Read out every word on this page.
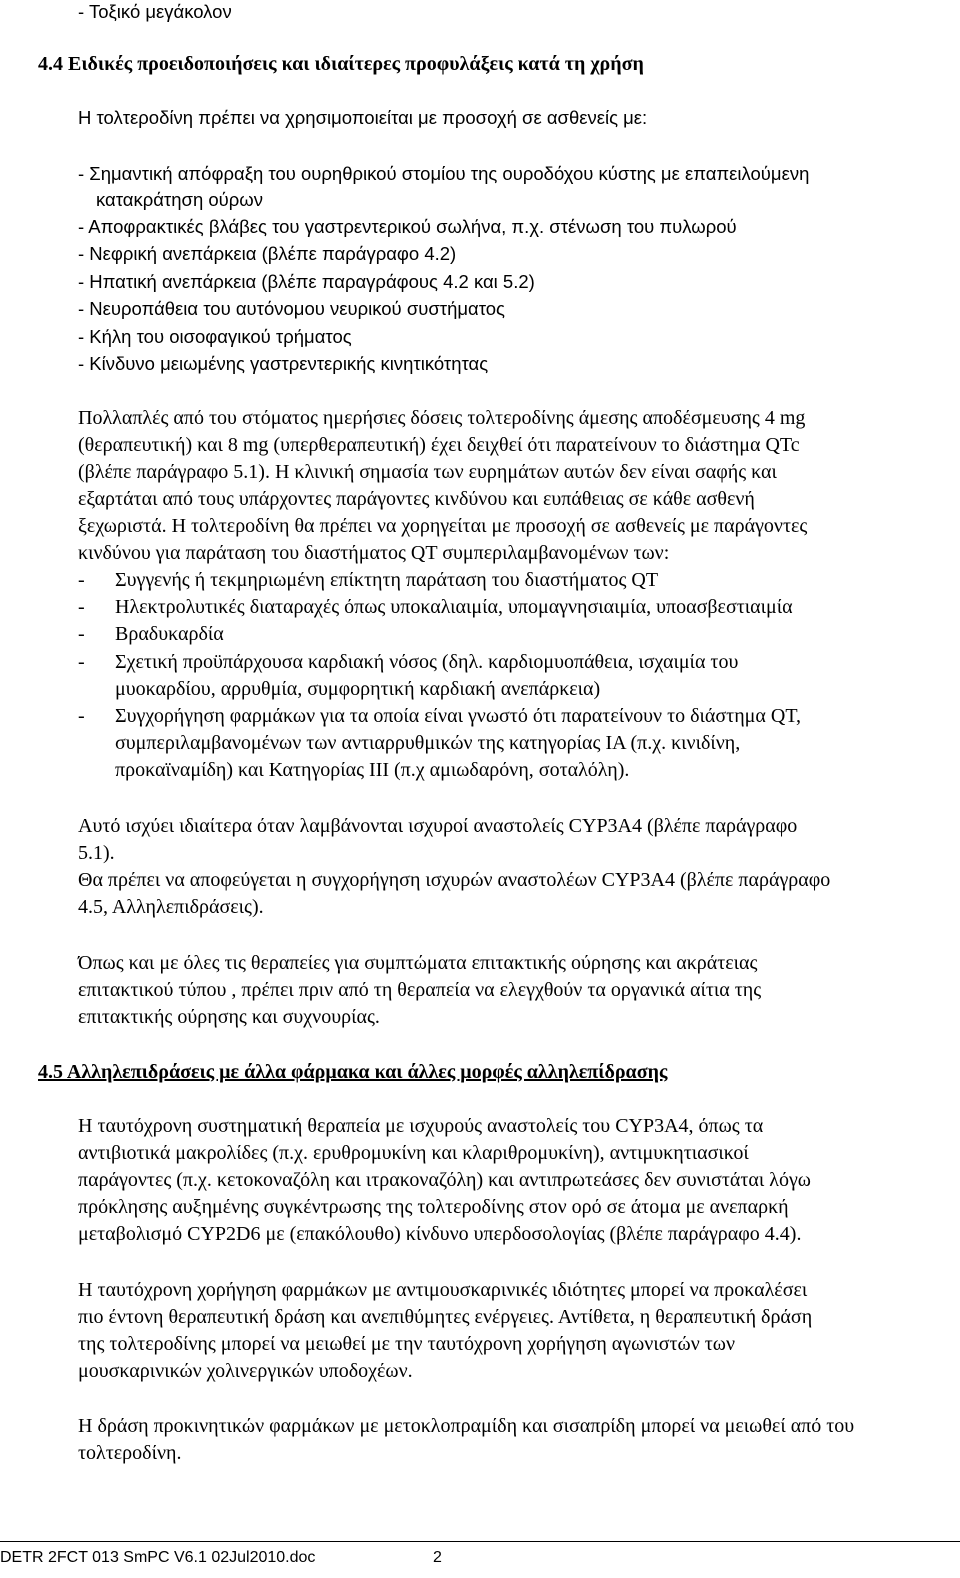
- Τοξικό μεγάκολον
4.4 Ειδικές προειδοποιήσεις και ιδιαίτερες προφυλάξεις κατά τη χρήση
Η τολτεροδίνη πρέπει να χρησιμοποιείται με προσοχή σε ασθενείς με:
- Σημαντική απόφραξη του ουρηθρικού στομίου της ουροδόχου κύστης με επαπειλούμενη
κατακράτηση ούρων
- Αποφρακτικές βλάβες του γαστρεντερικού σωλήνα, π.χ. στένωση του πυλωρού
- Νεφρική ανεπάρκεια (βλέπε παράγραφο 4.2)
- Ηπατική ανεπάρκεια (βλέπε παραγράφους 4.2 και 5.2)
- Νευροπάθεια του αυτόνομου νευρικού συστήματος
- Κήλη του οισοφαγικού τρήματος
- Κίνδυνο μειωμένης γαστρεντερικής κινητικότητας
Πολλαπλές από του στόματος ημερήσιες δόσεις τολτεροδίνης άμεσης αποδέσμευσης 4 mg
(θεραπευτική) και 8 mg (υπερθεραπευτική) έχει δειχθεί ότι παρατείνουν το διάστημα QTc
(βλέπε παράγραφο 5.1). Η κλινική σημασία των ευρημάτων αυτών δεν είναι σαφής και
εξαρτάται από τους υπάρχοντες παράγοντες κινδύνου και ευπάθειας σε κάθε ασθενή
ξεχωριστά. Η τολτεροδίνη θα πρέπει να χορηγείται με προσοχή σε ασθενείς με παράγοντες
κινδύνου για παράταση του διαστήματος QT συμπεριλαμβανομένων των:
- Συγγενής ή τεκμηριωμένη επίκτητη παράταση του διαστήματος QT
- Ηλεκτρολυτικές διαταραχές όπως υποκαλιαιμία, υπομαγνησιαιμία, υποασβεστιαιμία
- Βραδυκαρδία
- Σχετική προϋπάρχουσα καρδιακή νόσος (δηλ. καρδιομυοπάθεια, ισχαιμία του
μυοκαρδίου, αρρυθμία, συμφορητική καρδιακή ανεπάρκεια)
- Συγχορήγηση φαρμάκων για τα οποία είναι γνωστό ότι παρατείνουν το διάστημα QT,
συμπεριλαμβανομένων των αντιαρρυθμικών της κατηγορίας IA (π.χ. κινιδίνη,
προκαϊναμίδη) και Κατηγορίας III (π.χ αμιωδαρόνη, σοταλόλη).
Αυτό ισχύει ιδιαίτερα όταν λαμβάνονται ισχυροί αναστολείς CYP3A4 (βλέπε παράγραφο
5.1).
Θα πρέπει να αποφεύγεται η συγχορήγηση ισχυρών αναστολέων CYP3A4 (βλέπε παράγραφο
4.5, Αλληλεπιδράσεις).
Όπως και με όλες τις θεραπείες για συμπτώματα επιτακτικής ούρησης και ακράτειας
επιτακτικού τύπου , πρέπει πριν από τη θεραπεία να ελεγχθούν τα οργανικά αίτια της
επιτακτικής ούρησης και συχνουρίας.
4.5 Αλληλεπιδράσεις με άλλα φάρμακα και άλλες μορφές αλληλεπίδρασης
Η ταυτόχρονη συστηματική θεραπεία με ισχυρούς αναστολείς του CYP3A4, όπως τα
αντιβιοτικά μακρολίδες (π.χ. ερυθρομυκίνη και κλαριθρομυκίνη), αντιμυκητιασικοί
παράγοντες (π.χ. κετοκοναζόλη και ιτρακοναζόλη) και αντιπρωτεάσες δεν συνιστάται λόγω
πρόκλησης αυξημένης συγκέντρωσης της τολτεροδίνης στον ορό σε άτομα με ανεπαρκή
μεταβολισμό CYP2D6 με (επακόλουθο) κίνδυνο υπερδοσολογίας (βλέπε παράγραφο 4.4).
Η ταυτόχρονη χορήγηση φαρμάκων με αντιμουσκαρινικές ιδιότητες μπορεί να προκαλέσει
πιο έντονη θεραπευτική δράση και ανεπιθύμητες ενέργειες. Αντίθετα, η θεραπευτική δράση
της τολτεροδίνης μπορεί να μειωθεί με την ταυτόχρονη χορήγηση αγωνιστών των
μουσκαρινικών χολινεργικών υποδοχέων.
Η δράση προκινητικών φαρμάκων με μετοκλοπραμίδη και σισαπρίδη μπορεί να μειωθεί από του
τολτεροδίνη.
DETR 2FCT 013 SmPC V6.1 02Jul2010.doc	2
